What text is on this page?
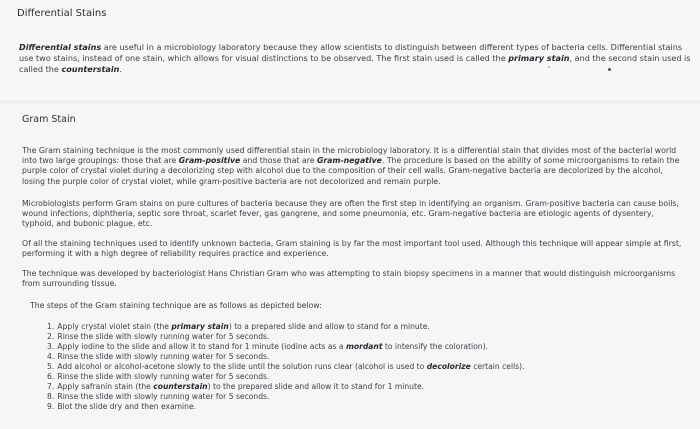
Differential Stains
Differential stains are useful in a microbiology laboratory because they allow scientists to distinguish between different types of bacteria cells. Differential stains use two stains, instead of one stain, which allows for visual distinctions to be observed. The first stain used is called the primary stain, and the second stain used is called the counterstain.	˅
Gram Stain
The Gram staining technique is the most commonly used differential stain in the microbiology laboratory. It is a differential stain that divides most of the bacterial world into two large groupings: those that are Gram-positive and those that are Gram-negative. The procedure is based on the ability of some microorganisms to retain the purple color of crystal violet during a decolorizing step with alcohol due to the composition of their cell walls. Gram-negative bacteria are decolorized by the alcohol, losing the purple color of crystal violet, while gram-positive bacteria are not decolorized and remain purple.
Microbiologists perform Gram stains on pure cultures of bacteria because they are often the first step in identifying an organism. Gram-positive bacteria can cause boils, wound infections, diphtheria, septic sore throat, scarlet fever, gas gangrene, and some pneumonia, etc. Gram-negative bacteria are etiologic agents of dysentery, typhoid, and bubonic plague, etc.
Of all the staining techniques used to identify unknown bacteria, Gram staining is by far the most important tool used. Although this technique will appear simple at first, performing it with a high degree of reliability requires practice and experience.
The technique was developed by bacteriologist Hans Christian Gram who was attempting to stain biopsy specimens in a manner that would distinguish microorganisms from surrounding tissue.
The steps of the Gram staining technique are as follows as depicted below:
1. Apply crystal violet stain (the primary stain) to a prepared slide and allow to stand for a minute.
2. Rinse the slide with slowly running water for 5 seconds.
3. Apply iodine to the slide and allow it to stand for 1 minute (iodine acts as a mordant to intensify the coloration).
4. Rinse the slide with slowly running water for 5 seconds.
5. Add alcohol or alcohol-acetone slowly to the slide until the solution runs clear (alcohol is used to decolorize certain cells).
6. Rinse the slide with slowly running water for 5 seconds.
7. Apply safranin stain (the counterstain) to the prepared slide and allow it to stand for 1 minute.
8. Rinse the slide with slowly running water for 5 seconds.
9. Blot the slide dry and then examine.
